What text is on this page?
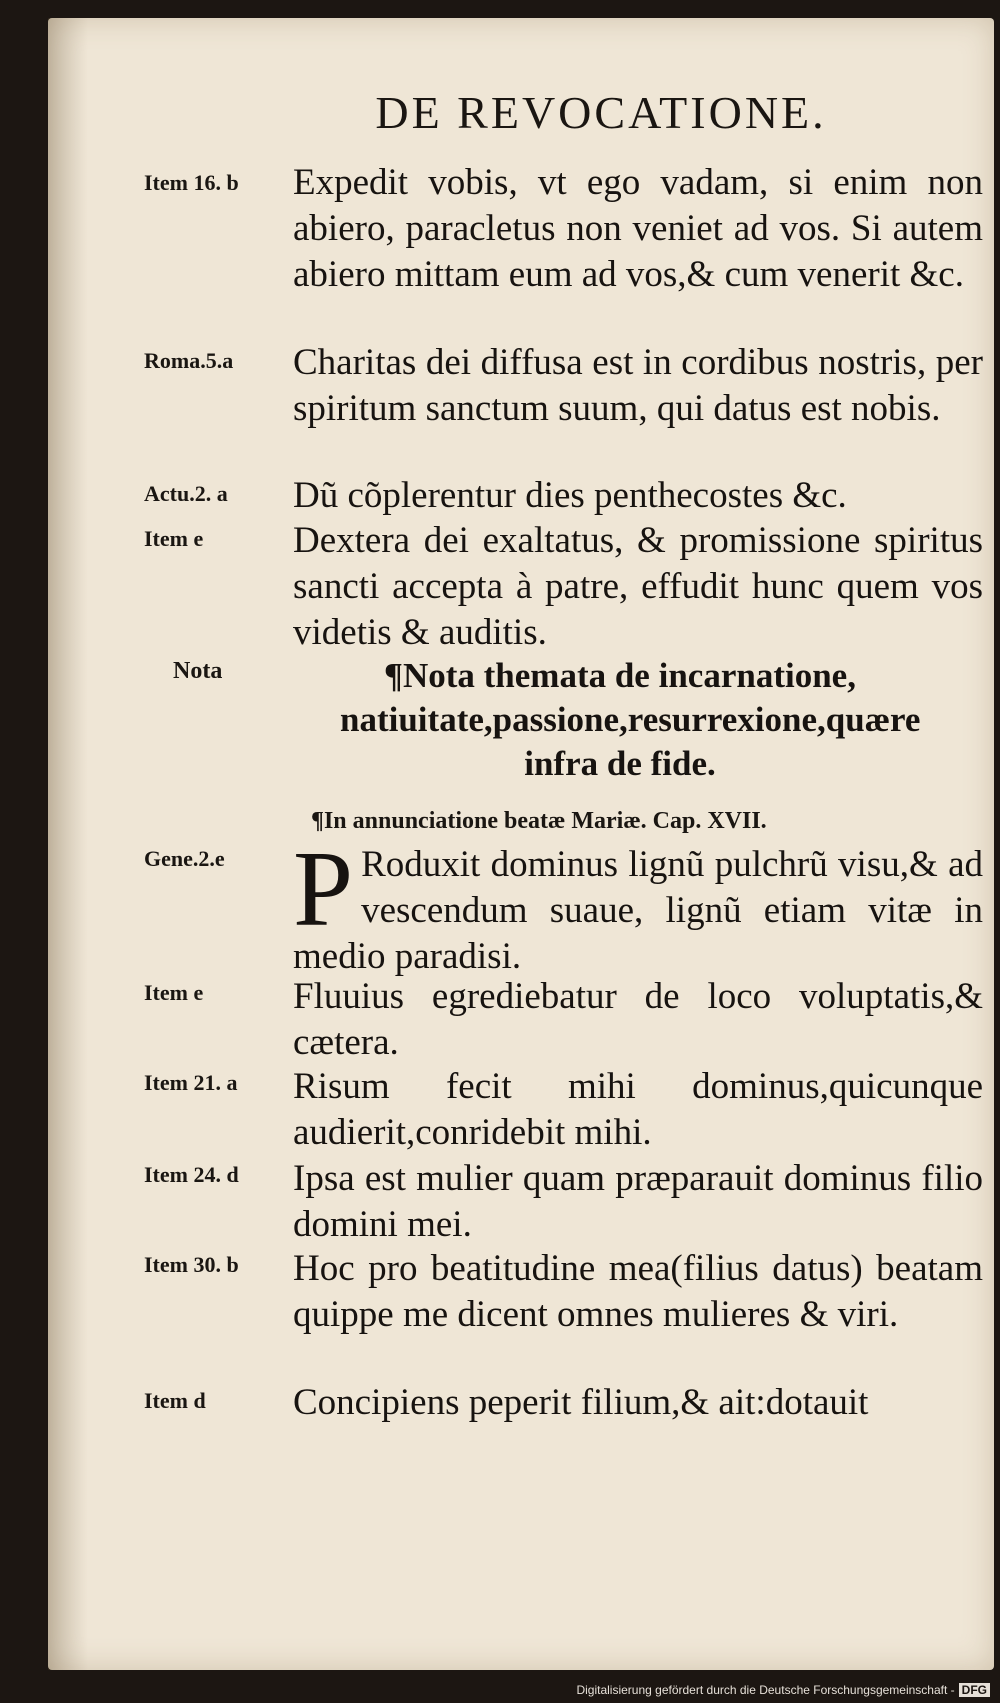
DE REVOCATIONE.
Item 16. b	Expedit vobis, vt ego vadam, si enim non abiero, paracletus non veniet ad vos. Si autem abiero mittam eum ad vos,& cum venerit &c.
Roma.5.a	Charitas dei diffusa est in cordibus nostris, per spiritum sanctum suum, qui datus est nobis.
Actu.2. a	Dũ cõplerentur dies penthecostes &c.
Item e	Dextera dei exaltatus, & promissione spiritus sancti accepta à patre, effudit hunc quem vos videtis & auditis.
Nota	¶Nota themata de incarnatione, natiuitate,passione,resurrexione,quære infra de fide.
¶In annunciatione beatæ Mariæ. Cap. XVII.
Gene.2.e P Roduxit dominus lignũ pulchrũ visu,& ad vescendum suaue, lignũ etiam vitæ in medio paradisi.
Item e	Fluuius egrediebatur de loco voluptatis,& cætera.
Item 21. a	Risum fecit mihi dominus,quicunque audierit,conridebit mihi.
Item 24. d	Ipsa est mulier quam præparauit dominus filio domini mei.
Item 30. b	Hoc pro beatitudine mea(filius datus) beatam quippe me dicent omnes mulieres & viri.
Item d	Concipiens peperit filium,& ait:dotauit
Digitalisierung gefördert durch die Deutsche Forschungsgemeinschaft - DFG
